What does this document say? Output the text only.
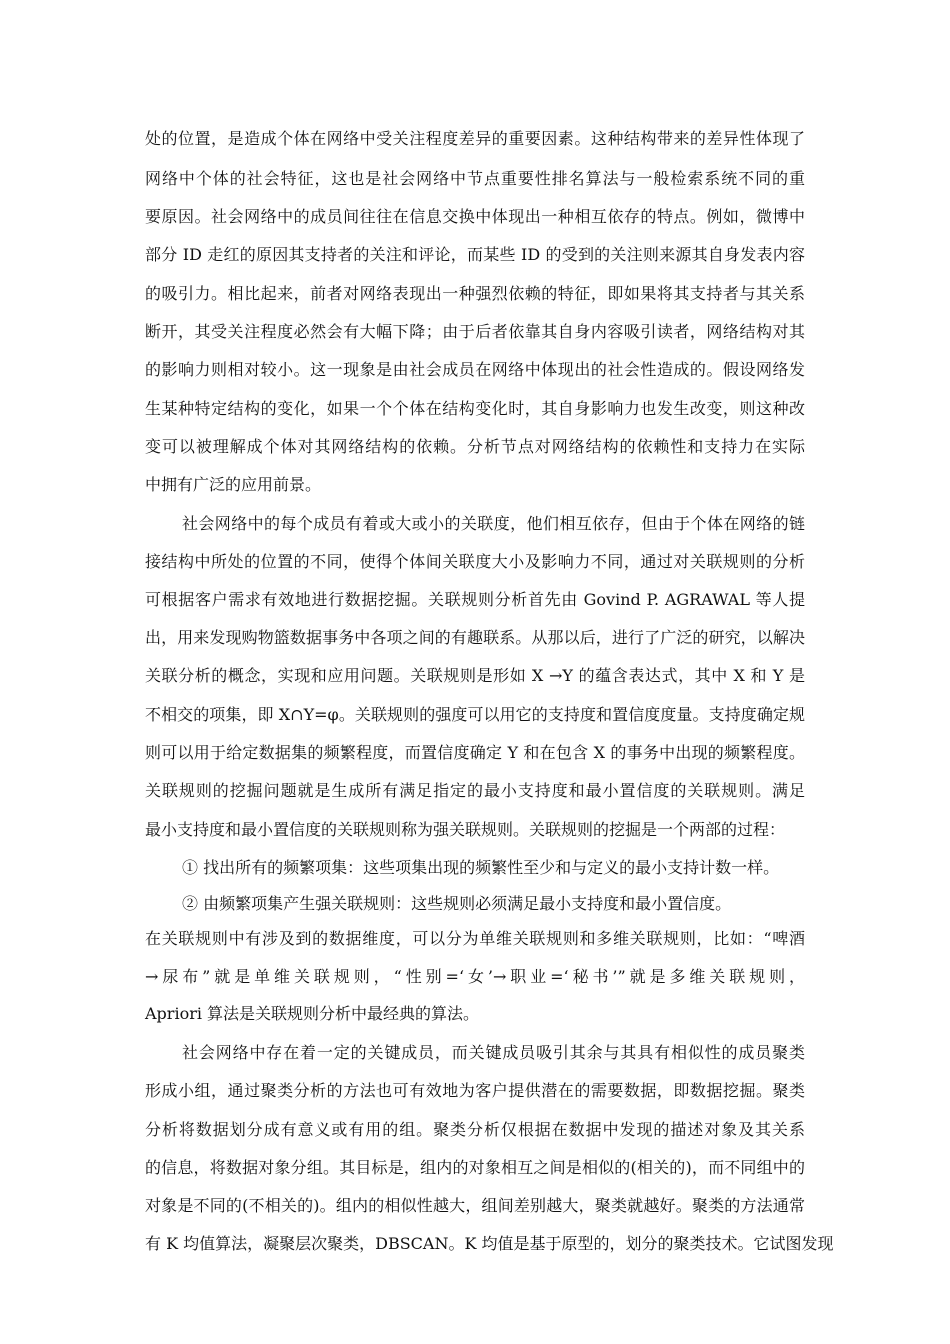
处的位置，是造成个体在网络中受关注程度差异的重要因素。这种结构带来的差异性体现了
网络中个体的社会特征，这也是社会网络中节点重要性排名算法与一般检索系统不同的重
要原因。社会网络中的成员间往往在信息交换中体现出一种相互依存的特点。例如，微博中
部分 ID 走红的原因其支持者的关注和评论，而某些 ID 的受到的关注则来源其自身发表内容
的吸引力。相比起来，前者对网络表现出一种强烈依赖的特征，即如果将其支持者与其关系
断开，其受关注程度必然会有大幅下降；由于后者依靠其自身内容吸引读者，网络结构对其
的影响力则相对较小。这一现象是由社会成员在网络中体现出的社会性造成的。假设网络发
生某种特定结构的变化，如果一个个体在结构变化时，其自身影响力也发生改变，则这种改
变可以被理解成个体对其网络结构的依赖。分析节点对网络结构的依赖性和支持力在实际
中拥有广泛的应用前景。
社会网络中的每个成员有着或大或小的关联度，他们相互依存，但由于个体在网络的链
接结构中所处的位置的不同，使得个体间关联度大小及影响力不同，通过对关联规则的分析
可根据客户需求有效地进行数据挖掘。关联规则分析首先由 Govind P. AGRAWAL 等人提
出，用来发现购物篮数据事务中各项之间的有趣联系。从那以后，进行了广泛的研究，以解决
关联分析的概念，实现和应用问题。关联规则是形如 X →Y 的蕴含表达式，其中 X 和 Y 是
不相交的项集，即 X∩Y=φ。关联规则的强度可以用它的支持度和置信度度量。支持度确定规
则可以用于给定数据集的频繁程度，而置信度确定 Y 和在包含 X 的事务中出现的频繁程度。
关联规则的挖掘问题就是生成所有满足指定的最小支持度和最小置信度的关联规则。满足
最小支持度和最小置信度的关联规则称为强关联规则。关联规则的挖掘是一个两部的过程：
① 找出所有的频繁项集：这些项集出现的频繁性至少和与定义的最小支持计数一样。
② 由频繁项集产生强关联规则：这些规则必须满足最小支持度和最小置信度。
在关联规则中有涉及到的数据维度，可以分为单维关联规则和多维关联规则，比如：“啤酒
→尿布”就是单维关联规则，“性别=‘女’→职业=‘秘书’”就是多维关联规则，
Apriori 算法是关联规则分析中最经典的算法。
社会网络中存在着一定的关键成员，而关键成员吸引其余与其具有相似性的成员聚类
形成小组，通过聚类分析的方法也可有效地为客户提供潜在的需要数据，即数据挖掘。聚类
分析将数据划分成有意义或有用的组。聚类分析仅根据在数据中发现的描述对象及其关系
的信息，将数据对象分组。其目标是，组内的对象相互之间是相似的(相关的)，而不同组中的
对象是不同的(不相关的)。组内的相似性越大，组间差别越大，聚类就越好。聚类的方法通常
有 K 均值算法，凝聚层次聚类，DBSCAN。K 均值是基于原型的，划分的聚类技术。它试图发现
